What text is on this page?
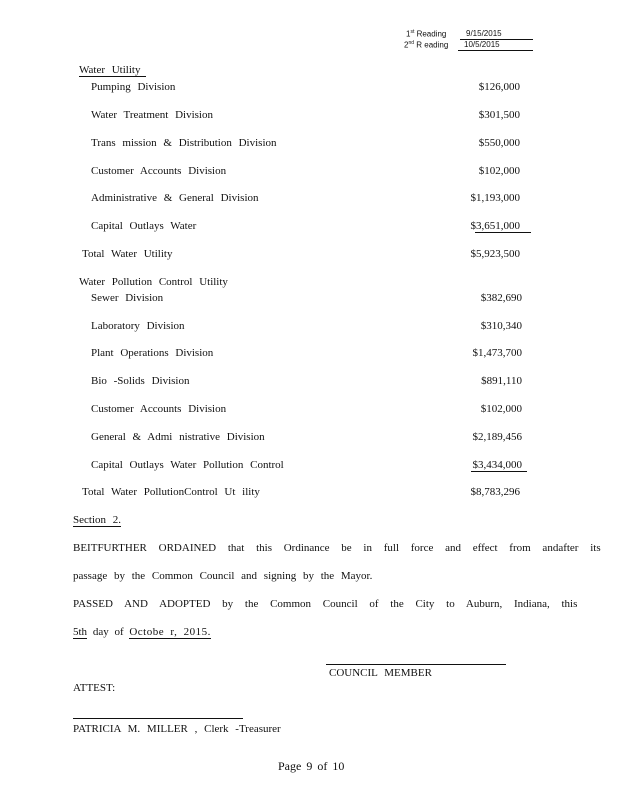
1st Reading 9/15/2015
2nd R eading 10/5/2015
Water Utility
Pumping Division	$126,000
Water Treatment Division	$301,500
Trans mission & Distribution Division	$550,000
Customer Accounts Division	$102,000
Administrative & General Division	$1,193,000
Capital Outlays Water	$3,651,000
Total Water Utility	$5,923,500
Water Pollution Control Utility
Sewer Division	$382,690
Laboratory Division	$310,340
Plant Operations Division	$1,473,700
Bio -Solids Division	$891,110
Customer Accounts Division	$102,000
General & Admi nistrative Division	$2,189,456
Capital Outlays Water Pollution Control	$3,434,000
Total Water PollutionControl Ut ility	$8,783,296
Section 2.
BEITFURTHER ORDAINED that this Ordinance be in full force and effect from andafter its
passage by the Common Council and signing by the Mayor.
PASSED AND ADOPTED by the Common Council of the City to Auburn, Indiana, this
5th day of Octobe r, 2015.
COUNCIL MEMBER
ATTEST:
PATRICIA M. MILLER , Clerk -Treasurer
Page 9 of 10
